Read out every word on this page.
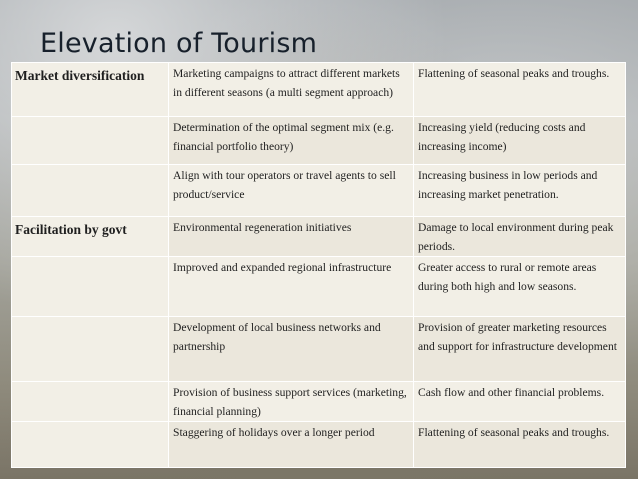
Elevation of Tourism
Market diversification	Marketing campaigns to attract different markets in different seasons (a multi segment approach)	Flattening of seasonal peaks and troughs.
	Determination of the optimal segment mix (e.g. financial portfolio theory)	Increasing yield (reducing costs and increasing income)
	Align with tour operators or travel agents to sell product/service	Increasing business in low periods and increasing market penetration.
Facilitation by govt	Environmental regeneration initiatives	Damage to local environment during peak periods.
	Improved and expanded regional infrastructure	Greater access to rural or remote areas during both high and low seasons.
	Development of local business networks and partnership	Provision of greater marketing resources and support for infrastructure development
	Provision of business support services (marketing, financial planning)	Cash flow and other financial problems.
	Staggering of holidays over a longer period	Flattening of seasonal peaks and troughs.
